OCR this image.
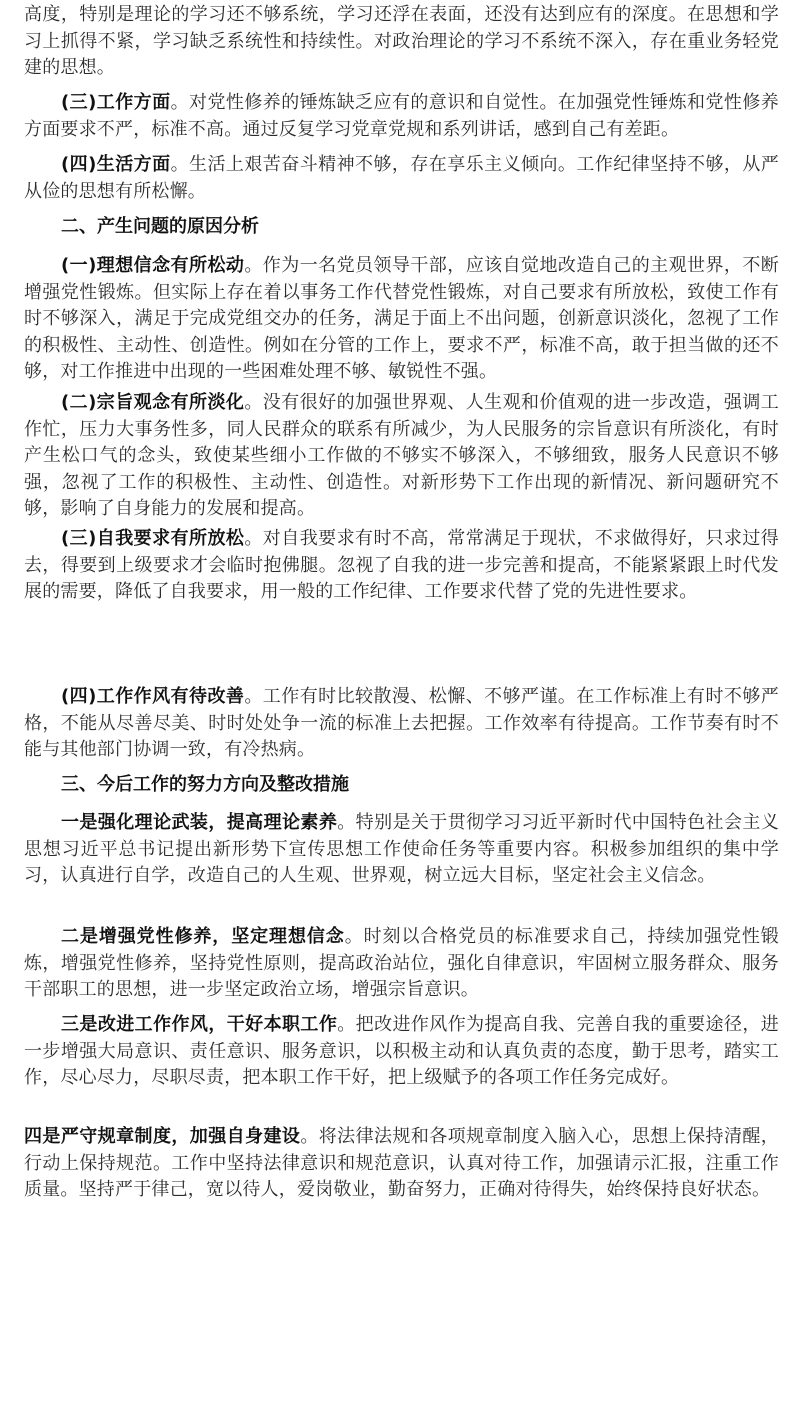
高度，特别是理论的学习还不够系统，学习还浮在表面，还没有达到应有的深度。在思想和学习上抓得不紧，学习缺乏系统性和持续性。对政治理论的学习不系统不深入，存在重业务轻党建的思想。

(三)工作方面。对党性修养的锤炼缺乏应有的意识和自觉性。在加强党性锤炼和党性修养方面要求不严，标准不高。通过反复学习党章党规和系列讲话，感到自己有差距。

(四)生活方面。生活上艰苦奋斗精神不够，存在享乐主义倾向。工作纪律坚持不够，从严从俭的思想有所松懈。

二、产生问题的原因分析

(一)理想信念有所松动。作为一名党员领导干部，应该自觉地改造自己的主观世界，不断增强党性锻炼。但实际上存在着以事务工作代替党性锻炼，对自己要求有所放松，致使工作有时不够深入，满足于完成党组交办的任务，满足于面上不出问题，创新意识淡化，忽视了工作的积极性、主动性、创造性。例如在分管的工作上，要求不严，标准不高，敢于担当做的还不够，对工作推进中出现的一些困难处理不够、敏锐性不强。

(二)宗旨观念有所淡化。没有很好的加强世界观、人生观和价值观的进一步改造，强调工作忙，压力大事务性多，同人民群众的联系有所减少，为人民服务的宗旨意识有所淡化，有时产生松口气的念头，致使某些细小工作做的不够实不够深入，不够细致，服务人民意识不够强，忽视了工作的积极性、主动性、创造性。对新形势下工作出现的新情况、新问题研究不够，影响了自身能力的发展和提高。

(三)自我要求有所放松。对自我要求有时不高，常常满足于现状，不求做得好，只求过得去，得要到上级要求才会临时抱佛腿。忽视了自我的进一步完善和提高，不能紧紧跟上时代发展的需要，降低了自我要求，用一般的工作纪律、工作要求代替了党的先进性要求。

(四)工作作风有待改善。工作有时比较散漫、松懈、不够严谨。在工作标准上有时不够严格，不能从尽善尽美、时时处处争一流的标准上去把握。工作效率有待提高。工作节奏有时不能与其他部门协调一致，有冷热病。

三、今后工作的努力方向及整改措施

一是强化理论武装，提高理论素养。特别是关于贯彻学习习近平新时代中国特色社会主义思想习近平总书记提出新形势下宣传思想工作使命任务等重要内容。积极参加组织的集中学习，认真进行自学，改造自己的人生观、世界观，树立远大目标，坚定社会主义信念。

二是增强党性修养，坚定理想信念。时刻以合格党员的标准要求自己，持续加强党性锻炼，增强党性修养，坚持党性原则，提高政治站位，强化自律意识，牢固树立服务群众、服务干部职工的思想，进一步坚定政治立场，增强宗旨意识。

三是改进工作作风，干好本职工作。把改进作风作为提高自我、完善自我的重要途径，进一步增强大局意识、责任意识、服务意识，以积极主动和认真负责的态度，勤于思考，踏实工作，尽心尽力，尽职尽责，把本职工作干好，把上级赋予的各项工作任务完成好。

四是严守规章制度，加强自身建设。将法律法规和各项规章制度入脑入心，思想上保持清醒，行动上保持规范。工作中坚持法律意识和规范意识，认真对待工作，加强请示汇报，注重工作质量。坚持严于律己，宽以待人，爱岗敬业，勤奋努力，正确对待得失，始终保持良好状态。
